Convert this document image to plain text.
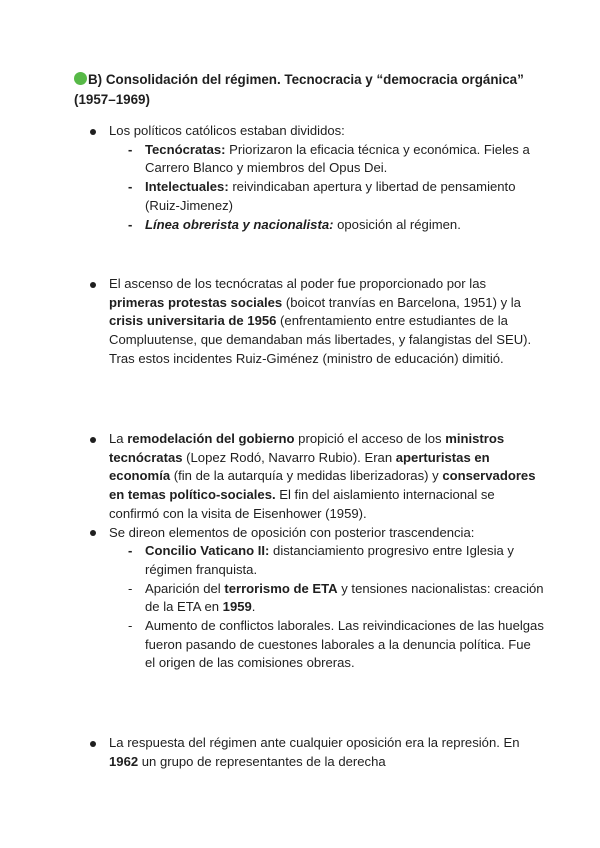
B) Consolidación del régimen. Tecnocracia y “democracia orgánica” (1957–1969)
Los políticos católicos estaban divididos:
- Tecnócratas: Priorizaron la eficacia técnica y económica. Fieles a Carrero Blanco y miembros del Opus Dei.
- Intelectuales: reivindicaban apertura y libertad de pensamiento (Ruiz-Jimenez)
- Línea obrerista y nacionalista: oposición al régimen.
El ascenso de los tecnócratas al poder fue proporcionado por las primeras protestas sociales (boicot tranvías en Barcelona, 1951) y la crisis universitaria de 1956 (enfrentamiento entre estudiantes de la Compluutense, que demandaban más libertades, y falangistas del SEU). Tras estos incidentes Ruiz-Giménez (ministro de educación) dimitió.
La remodelación del gobierno propició el acceso de los ministros tecnócratas (Lopez Rodó, Navarro Rubio). Eran aperturistas en economía (fin de la autarquía y medidas liberizadoras) y conservadores en temas político-sociales. El fin del aislamiento internacional se confirmó con la visita de Eisenhower (1959).
Se direon elementos de oposición con posterior trascendencia:
- Concilio Vaticano II: distanciamiento progresivo entre Iglesia y régimen franquista.
- Aparición del terrorismo de ETA y tensiones nacionalistas: creación de la ETA en 1959.
- Aumento de conflictos laborales. Las reivindicaciones de las huelgas fueron pasando de cuestones laborales a la denuncia política. Fue el origen de las comisiones obreras.
La respuesta del régimen ante cualquier oposición era la represión. En 1962 un grupo de representantes de la derecha
